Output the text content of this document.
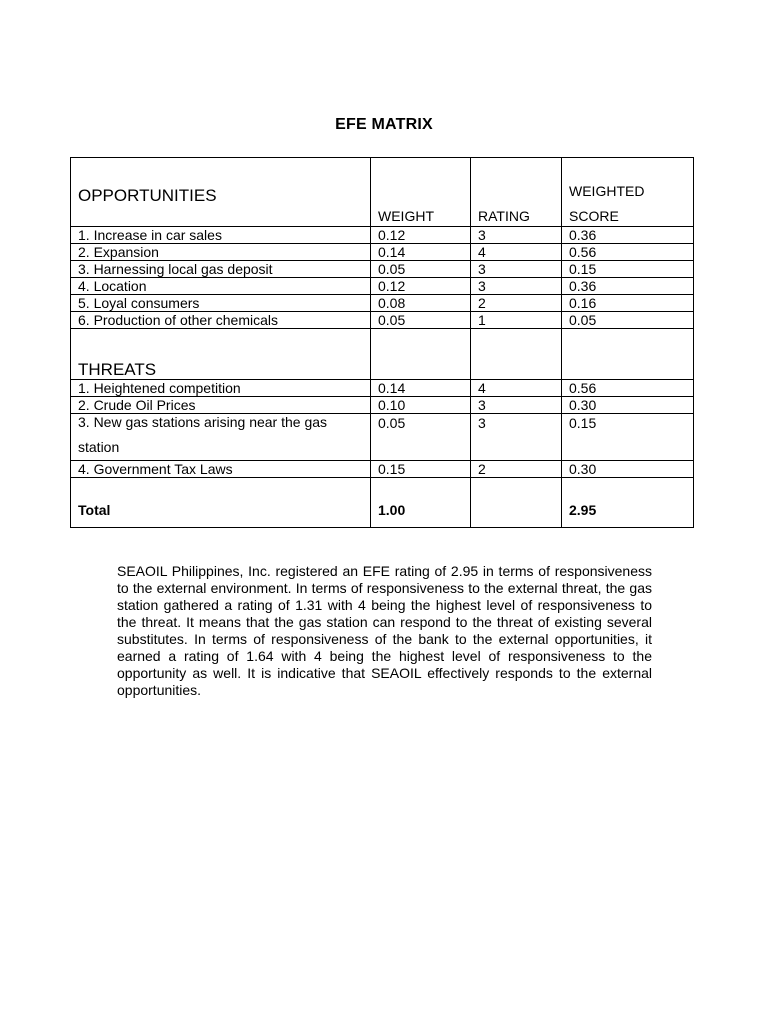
EFE MATRIX
OPPORTUNITIES	WEIGHT	RATING	WEIGHTED
SCORE

1. Increase in car sales	0.12	3	0.36
2. Expansion	0.14	4	0.56
3. Harnessing local gas deposit	0.05	3	0.15
4. Location	0.12	3	0.36
5. Loyal consumers	0.08	2	0.16
6. Production of other chemicals	0.05	1	0.05

THREATS			

1. Heightened competition	0.14	4	0.56
2. Crude Oil Prices	0.10	3	0.30

3. New gas stations arising near the gas station	0.05	3	0.15
4. Government Tax Laws	0.15	2	0.30
Total	1.00		2.95
SEAOIL Philippines, Inc. registered an EFE rating of 2.95 in terms of responsiveness to the external environment. In terms of responsiveness to the external threat, the gas station gathered a rating of 1.31 with 4 being the highest level of responsiveness to the threat. It means that the gas station can respond to the threat of existing several substitutes. In terms of responsiveness of the bank to the external opportunities, it earned a rating of 1.64 with 4 being the highest level of responsiveness to the opportunity as well. It is indicative that SEAOIL effectively responds to the external opportunities.
